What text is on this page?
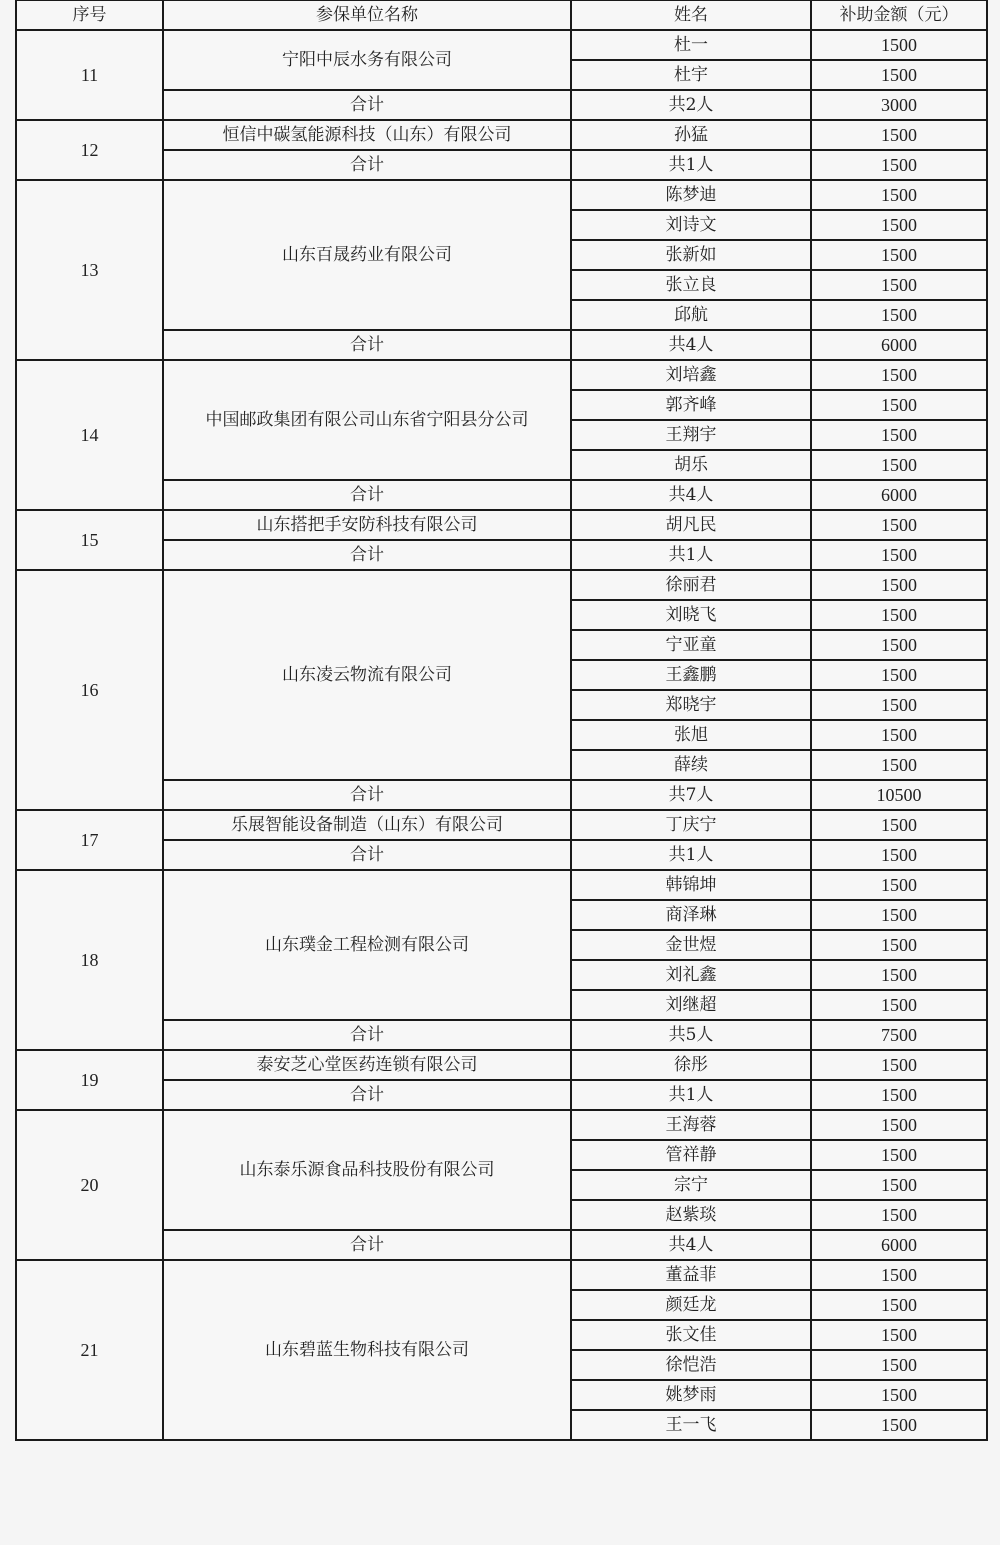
序号	参保单位名称	姓名	补助金额（元）
11	宁阳中辰水务有限公司	杜一	1500
		杜宇	1500
	合计	共2人	3000
12	恒信中碳氢能源科技（山东）有限公司	孙猛	1500
	合计	共1人	1500
13	山东百晟药业有限公司	陈梦迪	1500
		刘诗文	1500
		张新如	1500
		张立良	1500
		邱航	1500
	合计	共4人	6000
14	中国邮政集团有限公司山东省宁阳县分公司	刘培鑫	1500
		郭齐峰	1500
		王翔宇	1500
		胡乐	1500
	合计	共4人	6000
15	山东搭把手安防科技有限公司	胡凡民	1500
	合计	共1人	1500
16	山东凌云物流有限公司	徐丽君	1500
		刘晓飞	1500
		宁亚童	1500
		王鑫鹏	1500
		郑晓宇	1500
		张旭	1500
		薛续	1500
	合计	共7人	10500
17	乐展智能设备制造（山东）有限公司	丁庆宁	1500
	合计	共1人	1500
18	山东璞金工程检测有限公司	韩锦坤	1500
		商泽琳	1500
		金世煜	1500
		刘礼鑫	1500
		刘继超	1500
	合计	共5人	7500
19	泰安芝心堂医药连锁有限公司	徐彤	1500
	合计	共1人	1500
20	山东泰乐源食品科技股份有限公司	王海蓉	1500
		管祥静	1500
		宗宁	1500
		赵紫琰	1500
	合计	共4人	6000
21	山东碧蓝生物科技有限公司	董益菲	1500
		颜廷龙	1500
		张文佳	1500
		徐恺浩	1500
		姚梦雨	1500
		王一飞	1500
